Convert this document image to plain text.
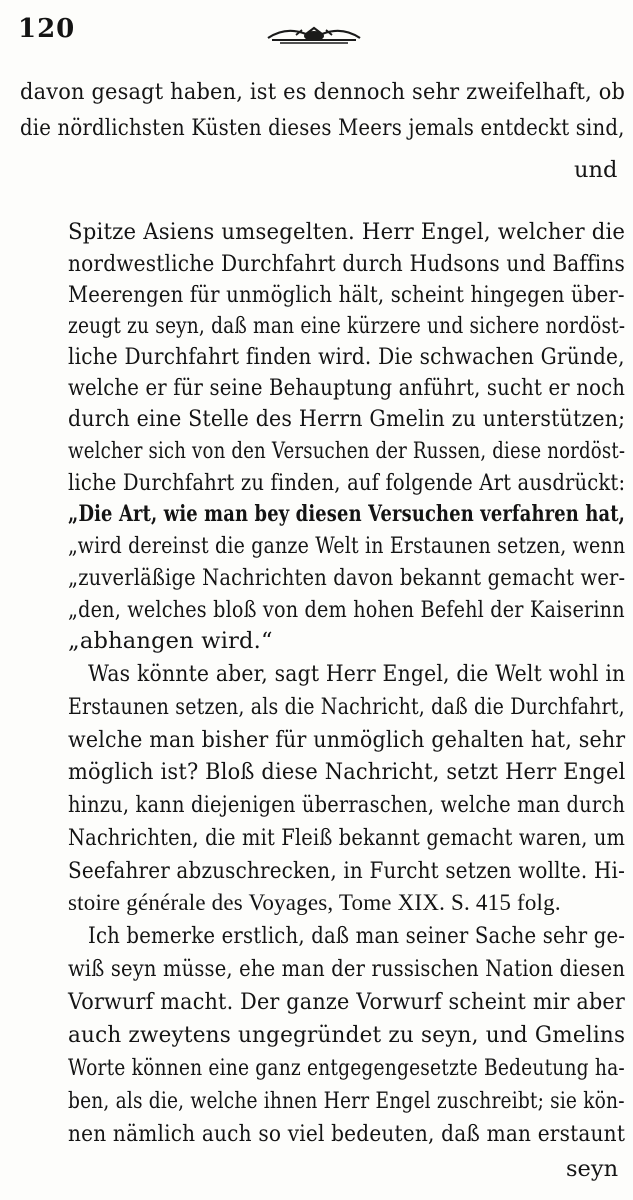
120
davon gesagt haben, ist es dennoch sehr zweifelhaft, ob
die nördlichsten Küsten dieses Meers jemals entdeckt sind,
und
Spitze Asiens umsegelten. Herr Engel, welcher die
nordwestliche Durchfahrt durch Hudsons und Baffins
Meerengen für unmöglich hält, scheint hingegen über-
zeugt zu seyn, daß man eine kürzere und sichere nordöst-
liche Durchfahrt finden wird. Die schwachen Gründe,
welche er für seine Behauptung anführt, sucht er noch
durch eine Stelle des Herrn Gmelin zu unterstützen;
welcher sich von den Versuchen der Russen, diese nordöst-
liche Durchfahrt zu finden, auf folgende Art ausdrückt:
„Die Art, wie man bey diesen Versuchen verfahren hat,
„wird dereinst die ganze Welt in Erstaunen setzen, wenn
„zuverläßige Nachrichten davon bekannt gemacht wer-
„den, welches bloß von dem hohen Befehl der Kaiserinn
„abhangen wird.“
Was könnte aber, sagt Herr Engel, die Welt wohl in
Erstaunen setzen, als die Nachricht, daß die Durchfahrt,
welche man bisher für unmöglich gehalten hat, sehr
möglich ist? Bloß diese Nachricht, setzt Herr Engel
hinzu, kann diejenigen überraschen, welche man durch
Nachrichten, die mit Fleiß bekannt gemacht waren, um
Seefahrer abzuschrecken, in Furcht setzen wollte. Hi-
stoire générale des Voyages, Tome XIX. S. 415 folg.
Ich bemerke erstlich, daß man seiner Sache sehr ge-
wiß seyn müsse, ehe man der russischen Nation diesen
Vorwurf macht. Der ganze Vorwurf scheint mir aber
auch zweytens ungegründet zu seyn, und Gmelins
Worte können eine ganz entgegengesetzte Bedeutung ha-
ben, als die, welche ihnen Herr Engel zuschreibt; sie kön-
nen nämlich auch so viel bedeuten, daß man erstaunt
seyn
